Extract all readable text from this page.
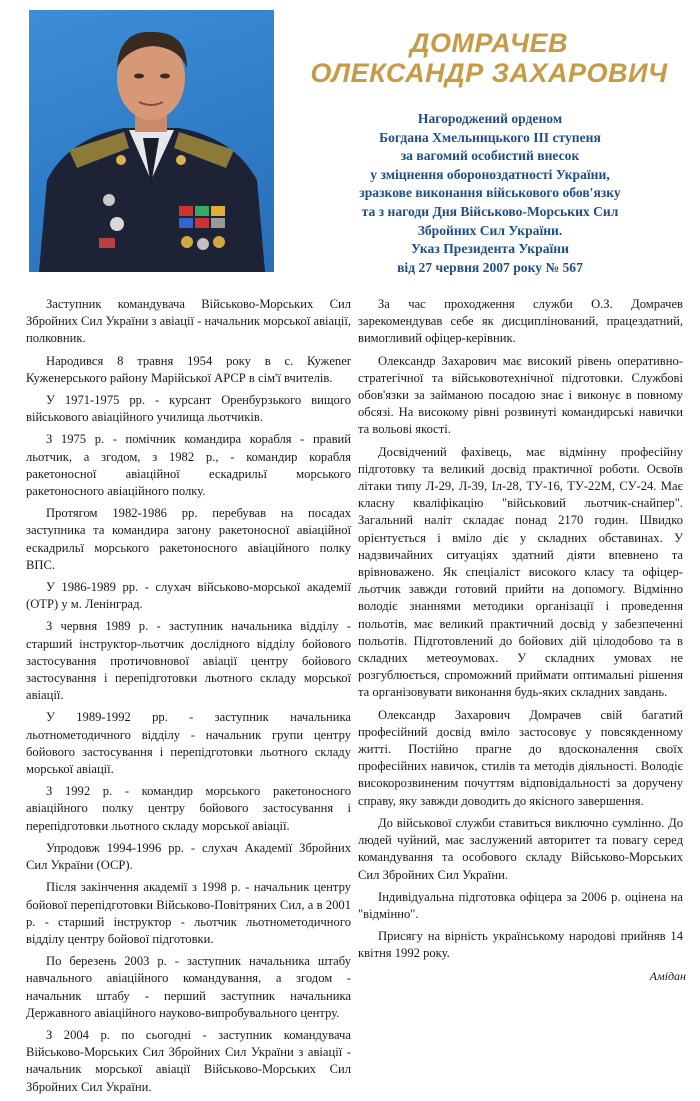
ДОМРАЧЕВ
ОЛЕКСАНДР ЗАХАРОВИЧ
Нагороджений орденом
Богдана Хмельницького ІІІ ступеня
за вагомий особистий внесок
у зміцнення обороноздатності України,
зразкове виконання військового обов'язку
та з нагоди Дня Військово-Морських Сил
Збройних Сил України.
Указ Президента України
від 27 червня 2007 року № 567

Заступник командувача Військово-Морських Сил Збройних Сил України з авіації - начальник морської авіації, полковник.

Народився 8 травня 1954 року в с. Кужener Кужeнерського району Марійської АРСР в сім'ї вчителів.

У 1971-1975 рр. - курсант Оренбурзького вищого військового авіаційного училища льотчиків.

З 1975 р. - помічник командира корабля - правий льотчик, а згодом, з 1982 р., - командир корабля ракетоносної авіаційної ескадрильї морського ракетоносного авіаційного полку.

Протягом 1982-1986 рр. перебував на посадах заступника та командира загону ракетоносної авіаційної ескадрильї морського ракетоносного авіаційного полку ВПС.

У 1986-1989 рр. - слухач військово-морської академії (ОТР) у м. Ленінград.

З червня 1989 р. - заступник начальника відділу - старший інструктор-льотчик дослідного відділу бойового застосування протичовнової авіації центру бойового застосування і перепідготовки льотного складу морської авіації.

У 1989-1992 рр. - заступник начальника льотнометодичного відділу - начальник групи центру бойового застосування і перепідготовки льотного складу морської авіації.

З 1992 р. - командир морського ракетоносного авіаційного полку центру бойового застосування і перепідготовки льотного складу морської авіації.

Упродовж 1994-1996 рр. - слухач Академії Збройних Сил України (ОСР).

Після закінчення академії з 1998 р. - начальник центру бойової перепідготовки Військово-Повітряних Сил, а в 2001 р. - старший інструктор - льотчик льотнометодичного відділу центру бойової підготовки.

По березень 2003 р. - заступник начальника штабу навчального авіаційного командування, а згодом - начальник штабу - перший заступник начальника Державного авіаційного науково-випробувального центру.

З 2004 р. по сьогодні - заступник командувача Військово-Морських Сил Збройних Сил України з авіації - начальник морської авіації Військово-Морських Сил Збройних Сил України.

За час проходження служби О.З. Домрачев зарекомендував себе як дисциплінований, працездатний, вимогливий офіцер-керівник.

Олександр Захарович має високий рівень оперативно-стратегічної та військовотехнічної підготовки. Службові обов'язки за займаною посадою знає і виконує в повному обсязі. На високому рівні розвинуті командирські навички та вольові якості.

Досвідчений фахівець, має відмінну професійну підготовку та великий досвід практичної роботи. Освоїв літаки типу Л-29, Л-39, Іл-28, ТУ-16, ТУ-22М, СУ-24. Має класну кваліфікацію "військовий льотчик-снайпер". Загальний наліт складає понад 2170 годин. Швидко орієнтується і вміло діє у складних обставинах. У надзвичайних ситуаціях здатний діяти впевнено та врівноважено. Як спеціаліст високого класу та офіцер-льотчик завжди готовий прийти на допомогу. Відмінно володіє знаннями методики організації і проведення польотів, має великий практичний досвід у забезпеченні польотів. Підготовлений до бойових дій цілодобово та в складних метеоумовах. У складних умовах не розгублюється, спроможний приймати оптимальні рішення та організовувати виконання будь-яких складних завдань.

Олександр Захарович Домрачев свій багатий професійний досвід вміло застосовує у повсякденному житті. Постійно прагне до вдосконалення своїх професійних навичок, стилів та методів діяльності. Володіє високорозвиненим почуттям відповідальності за доручену справу, яку завжди доводить до якісного завершення.

До військової служби ставиться виключно сумлінно. До людей чуйний, має заслужений авторитет та повагу серед командування та особового складу Військово-Морських Сил Збройних Сил України.

Індивідуальна підготовка офіцера за 2006 р. оцінена на "відмінно".

Присягу на вірність українському народові прийняв 14 квітня 1992 року.

Амідан
